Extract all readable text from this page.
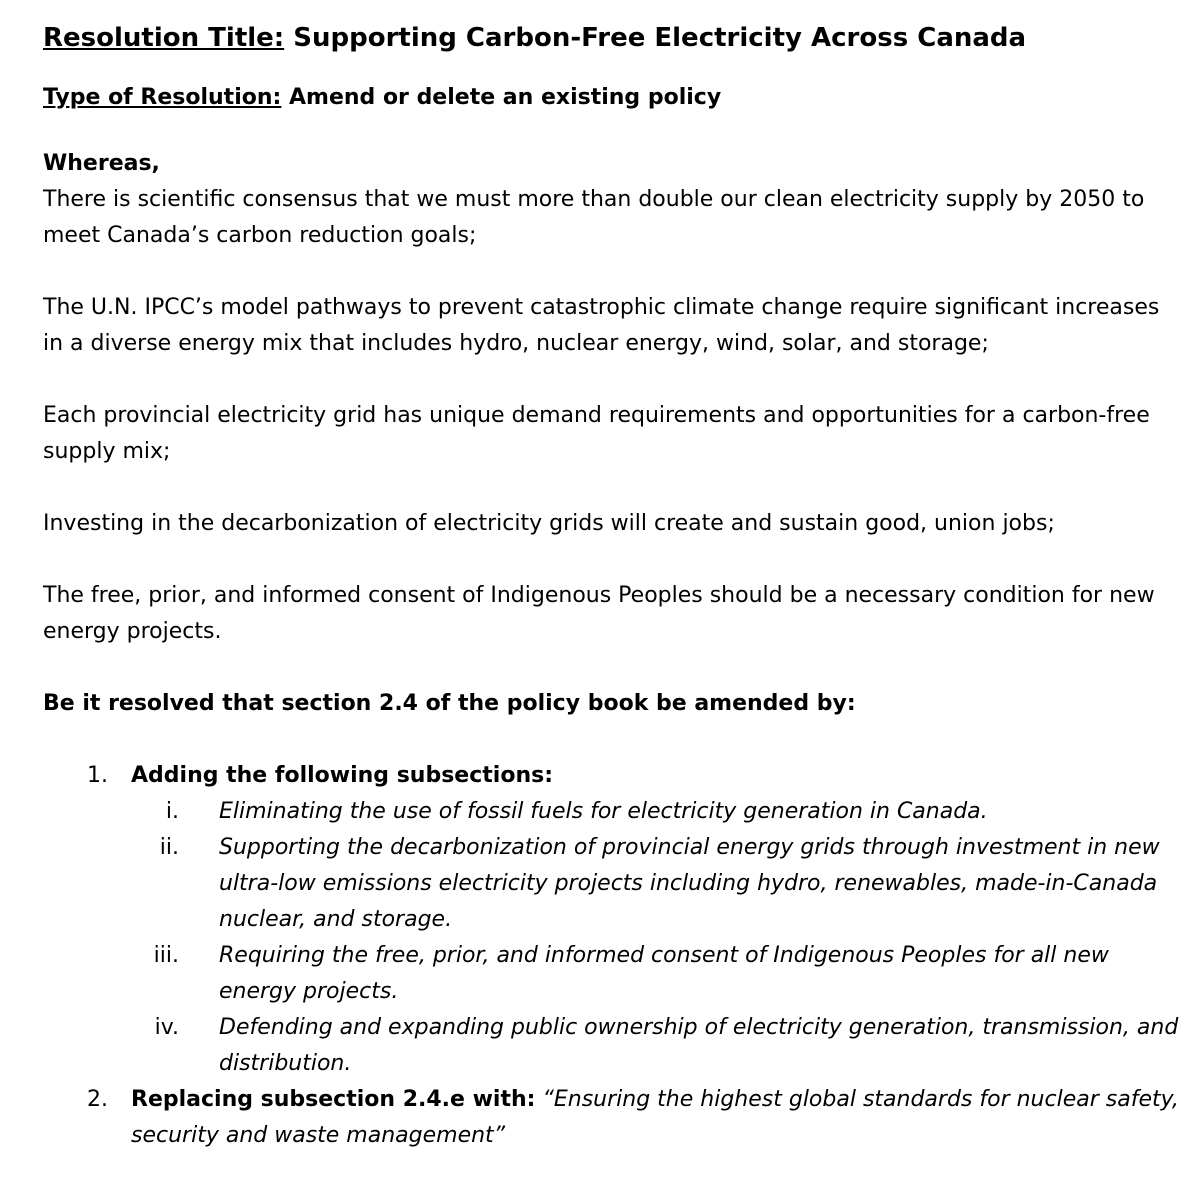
Resolution Title: Supporting Carbon-Free Electricity Across Canada

Type of Resolution: Amend or delete an existing policy

Whereas,

There is scientific consensus that we must more than double our clean electricity supply by 2050 to meet Canada’s carbon reduction goals;

The U.N. IPCC’s model pathways to prevent catastrophic climate change require significant increases in a diverse energy mix that includes hydro, nuclear energy, wind, solar, and storage;

Each provincial electricity grid has unique demand requirements and opportunities for a carbon-free supply mix;

Investing in the decarbonization of electricity grids will create and sustain good, union jobs;

The free, prior, and informed consent of Indigenous Peoples should be a necessary condition for new energy projects.

Be it resolved that section 2.4 of the policy book be amended by:

1. Adding the following subsections:
i. Eliminating the use of fossil fuels for electricity generation in Canada.
ii. Supporting the decarbonization of provincial energy grids through investment in new ultra-low emissions electricity projects including hydro, renewables, made-in-Canada nuclear, and storage.
iii. Requiring the free, prior, and informed consent of Indigenous Peoples for all new energy projects.
iv. Defending and expanding public ownership of electricity generation, transmission, and distribution.
2. Replacing subsection 2.4.e with: “Ensuring the highest global standards for nuclear safety, security and waste management”
